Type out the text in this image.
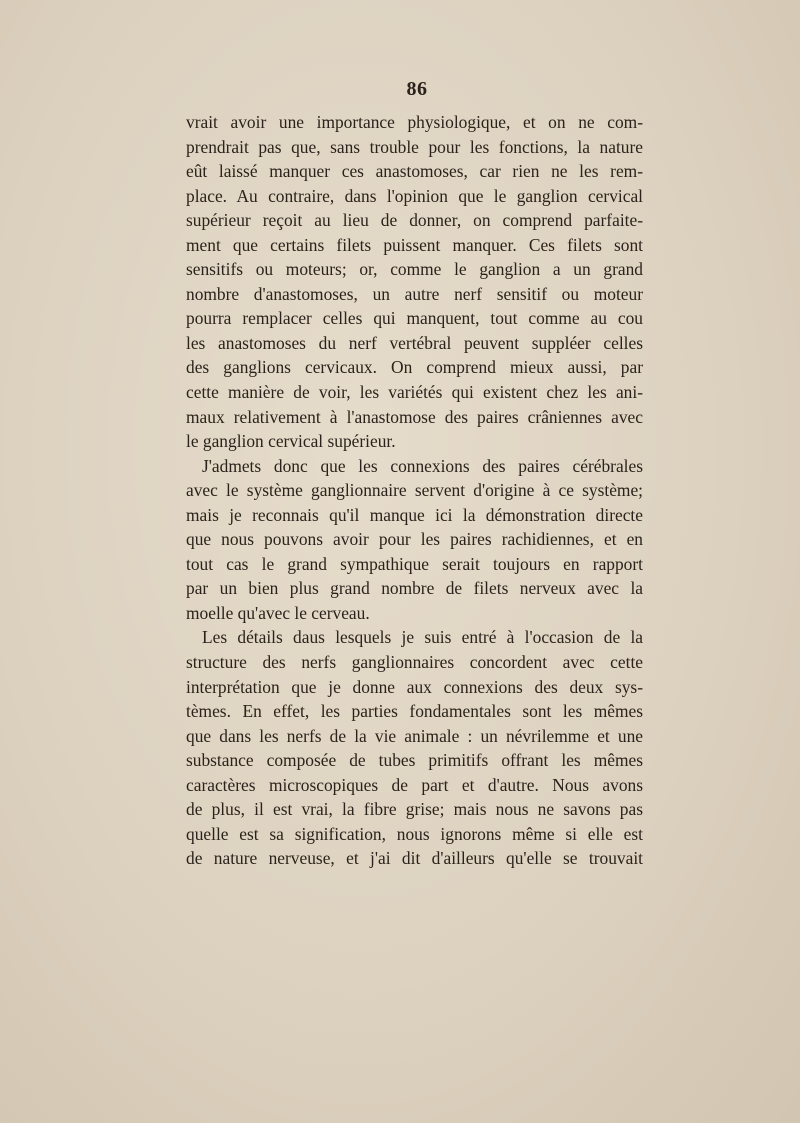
86
vrait avoir une importance physiologique, et on ne com-
prendrait pas que, sans trouble pour les fonctions, la nature
eût laissé manquer ces anastomoses, car rien ne les rem-
place. Au contraire, dans l'opinion que le ganglion cervical
supérieur reçoit au lieu de donner, on comprend parfaite-
ment que certains filets puissent manquer. Ces filets sont
sensitifs ou moteurs; or, comme le ganglion a un grand
nombre d'anastomoses, un autre nerf sensitif ou moteur
pourra remplacer celles qui manquent, tout comme au cou
les anastomoses du nerf vertébral peuvent suppléer celles
des ganglions cervicaux. On comprend mieux aussi, par
cette manière de voir, les variétés qui existent chez les ani-
maux relativement à l'anastomose des paires crâniennes avec
le ganglion cervical supérieur.
J'admets donc que les connexions des paires cérébrales
avec le système ganglionnaire servent d'origine à ce système;
mais je reconnais qu'il manque ici la démonstration directe
que nous pouvons avoir pour les paires rachidiennes, et en
tout cas le grand sympathique serait toujours en rapport
par un bien plus grand nombre de filets nerveux avec la
moelle qu'avec le cerveau.
Les détails daus lesquels je suis entré à l'occasion de la
structure des nerfs ganglionnaires concordent avec cette
interprétation que je donne aux connexions des deux sys-
tèmes. En effet, les parties fondamentales sont les mêmes
que dans les nerfs de la vie animale : un névrilemme et une
substance composée de tubes primitifs offrant les mêmes
caractères microscopiques de part et d'autre. Nous avons
de plus, il est vrai, la fibre grise; mais nous ne savons pas
quelle est sa signification, nous ignorons même si elle est
de nature nerveuse, et j'ai dit d'ailleurs qu'elle se trouvait
